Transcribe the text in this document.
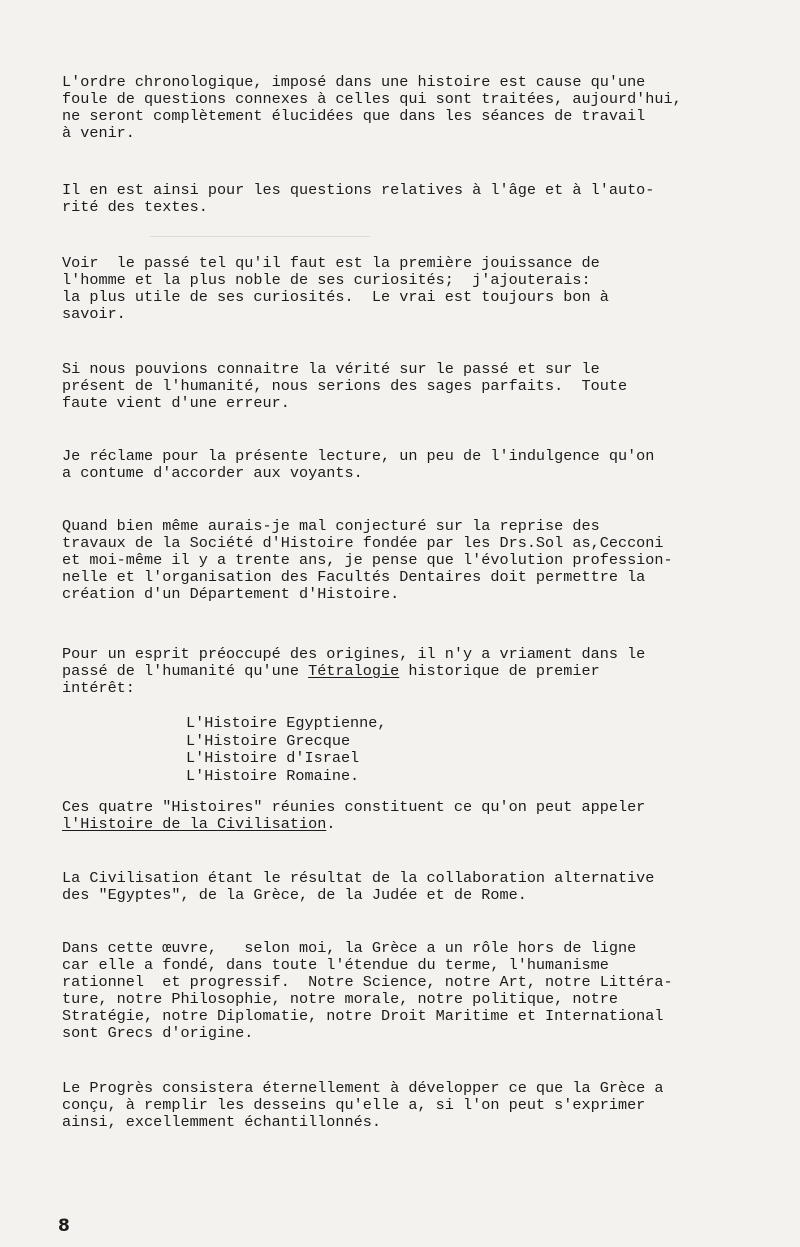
L'ordre chronologique, imposé dans une histoire est cause qu'une
foule de questions connexes à celles qui sont traitées, aujourd'hui,
ne seront complètement élucidées que dans les séances de travail
à venir.

Il en est ainsi pour les questions relatives à l'âge et à l'auto-
rité des textes.

Voir  le passé tel qu'il faut est la première jouissance de
l'homme et la plus noble de ses curiosités;  j'ajouterais:
la plus utile de ses curiosités.  Le vrai est toujours bon à
savoir.

Si nous pouvions connaitre la vérité sur le passé et sur le
présent de l'humanité, nous serions des sages parfaits.  Toute
faute vient d'une erreur.

Je réclame pour la présente lecture, un peu de l'indulgence qu'on
a contume d'accorder aux voyants.

Quand bien même aurais-je mal conjecturé sur la reprise des
travaux de la Société d'Histoire fondée par les Drs.Sol as,Cecconi
et moi-même il y a trente ans, je pense que l'évolution profession-
nelle et l'organisation des Facultés Dentaires doit permettre la
création d'un Département d'Histoire.

Pour un esprit préoccupé des origines, il n'y a vriament dans le
passé de l'humanité qu'une Tétralogie historique de premier
intérêt:
L'Histoire Egyptienne,
L'Histoire Grecque
L'Histoire d'Israel
L'Histoire Romaine.
Ces quatre "Histoires" réunies constituent ce qu'on peut appeler
l'Histoire de la Civilisation.

La Civilisation étant le résultat de la collaboration alternative
des "Egyptes", de la Grèce, de la Judée et de Rome.

Dans cette œuvre,   selon moi, la Grèce a un rôle hors de ligne
car elle a fondé, dans toute l'étendue du terme, l'humanisme
rationnel  et progressif.  Notre Science, notre Art, notre Littéra-
ture, notre Philosophie, notre morale, notre politique, notre
Stratégie, notre Diplomatie, notre Droit Maritime et International
sont Grecs d'origine.

Le Progrès consistera éternellement à développer ce que la Grèce a
conçu, à remplir les desseins qu'elle a, si l'on peut s'exprimer
ainsi, excellemment échantillonnés.

8
